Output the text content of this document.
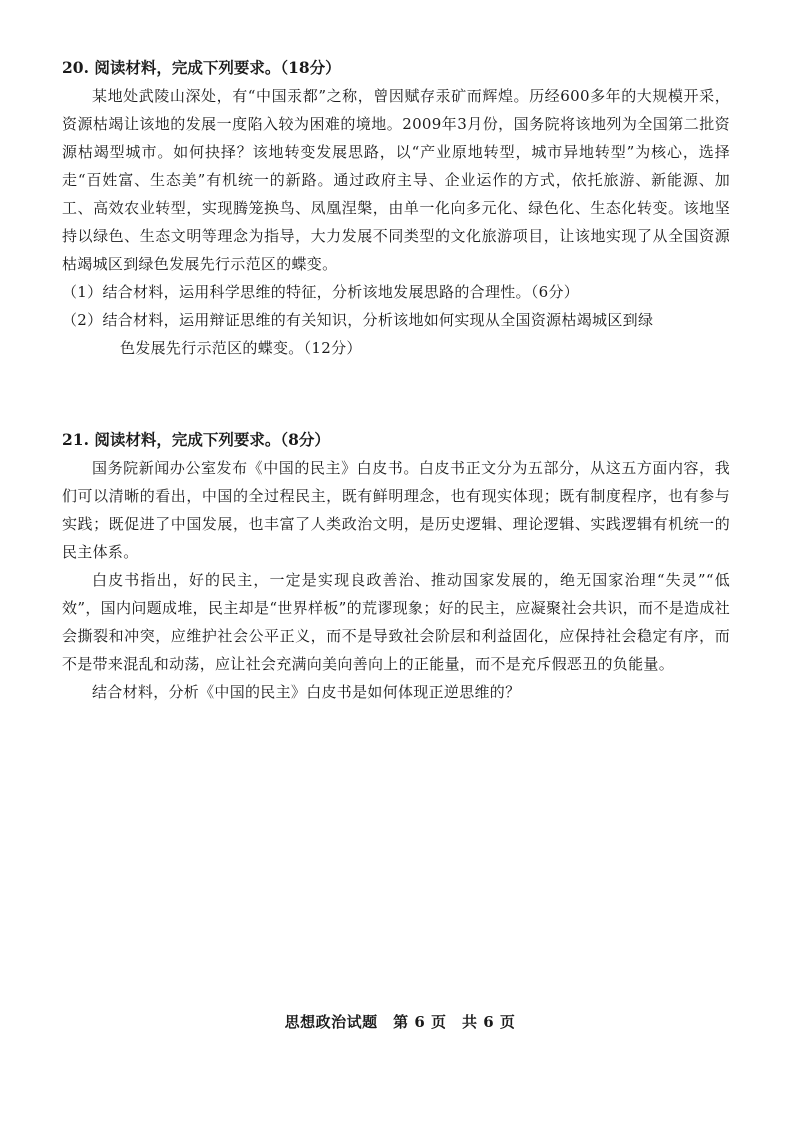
20. 阅读材料，完成下列要求。（18分）

某地处武陵山深处，有“中国汞都”之称，曾因赋存汞矿而辉煌。历经600多年的大规模开采，资源枯竭让该地的发展一度陷入较为困难的境地。2009年3月份，国务院将该地列为全国第二批资源枯竭型城市。如何抉择？该地转变发展思路，以“产业原地转型，城市异地转型”为核心，选择走“百姓富、生态美”有机统一的新路。通过政府主导、企业运作的方式，依托旅游、新能源、加工、高效农业转型，实现腾笼换鸟、凤凰涅槃，由单一化向多元化、绿色化、生态化转变。该地坚持以绿色、生态文明等理念为指导，大力发展不同类型的文化旅游项目，让该地实现了从全国资源枯竭城区到绿色发展先行示范区的蝶变。

（1）结合材料，运用科学思维的特征，分析该地发展思路的合理性。（6分）

（2）结合材料，运用辩证思维的有关知识，分析该地如何实现从全国资源枯竭城区到绿

色发展先行示范区的蝶变。（12分）

21. 阅读材料，完成下列要求。（8分）

国务院新闻办公室发布《中国的民主》白皮书。白皮书正文分为五部分，从这五方面内容，我们可以清晰的看出，中国的全过程民主，既有鲜明理念，也有现实体现；既有制度程序，也有参与实践；既促进了中国发展，也丰富了人类政治文明，是历史逻辑、理论逻辑、实践逻辑有机统一的民主体系。

白皮书指出，好的民主，一定是实现良政善治、推动国家发展的，绝无国家治理“失灵”“低效”，国内问题成堆，民主却是“世界样板”的荒谬现象；好的民主，应凝聚社会共识，而不是造成社会撕裂和冲突，应维护社会公平正义，而不是导致社会阶层和利益固化，应保持社会稳定有序，而不是带来混乱和动荡，应让社会充满向美向善向上的正能量，而不是充斥假恶丑的负能量。

结合材料，分析《中国的民主》白皮书是如何体现正逆思维的？

思想政治试题　第 6 页　共 6 页
